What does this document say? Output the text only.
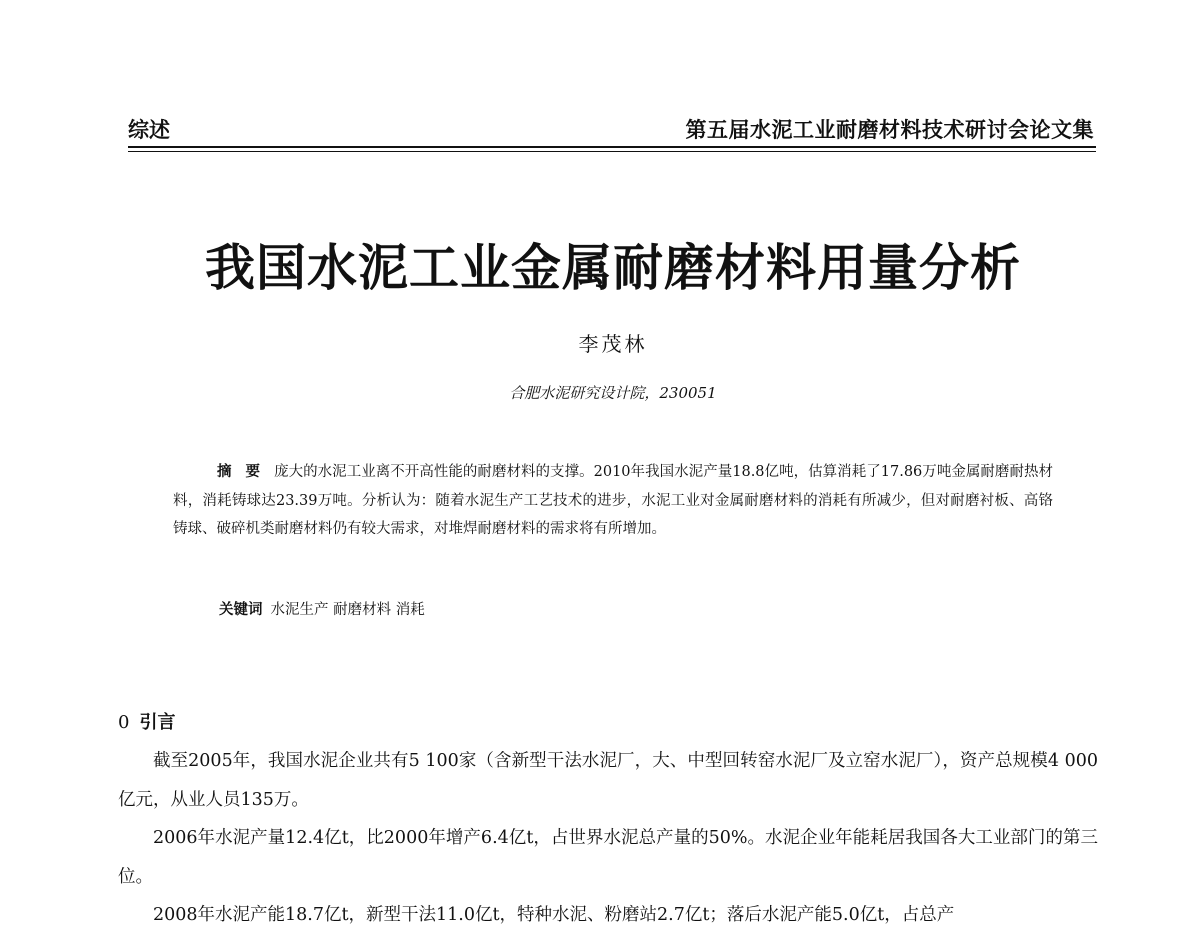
综述	第五届水泥工业耐磨材料技术研讨会论文集
我国水泥工业金属耐磨材料用量分析
李茂林
合肥水泥研究设计院，230051
摘要庞大的水泥工业离不开高性能的耐磨材料的支撑。2010年我国水泥产量18.8亿吨，估算消耗了17.86万吨金属耐磨耐热材料，消耗铸球达23.39万吨。分析认为：随着水泥生产工艺技术的进步，水泥工业对金属耐磨材料的消耗有所减少，但对耐磨衬板、高铬铸球、破碎机类耐磨材料仍有较大需求，对堆焊耐磨材料的需求将有所增加。
关键词 水泥生产 耐磨材料 消耗
0 引言

截至2005年，我国水泥企业共有5 100家（含新型干法水泥厂，大、中型回转窑水泥厂及立窑水泥厂），资产总规模4 000亿元，从业人员135万。

2006年水泥产量12.4亿t，比2000年增产6.4亿t，占世界水泥总产量的50%。水泥企业年能耗居我国各大工业部门的第三位。

2008年水泥产能18.7亿t，新型干法11.0亿t，特种水泥、粉磨站2.7亿t；落后水泥产能5.0亿t，占总产
